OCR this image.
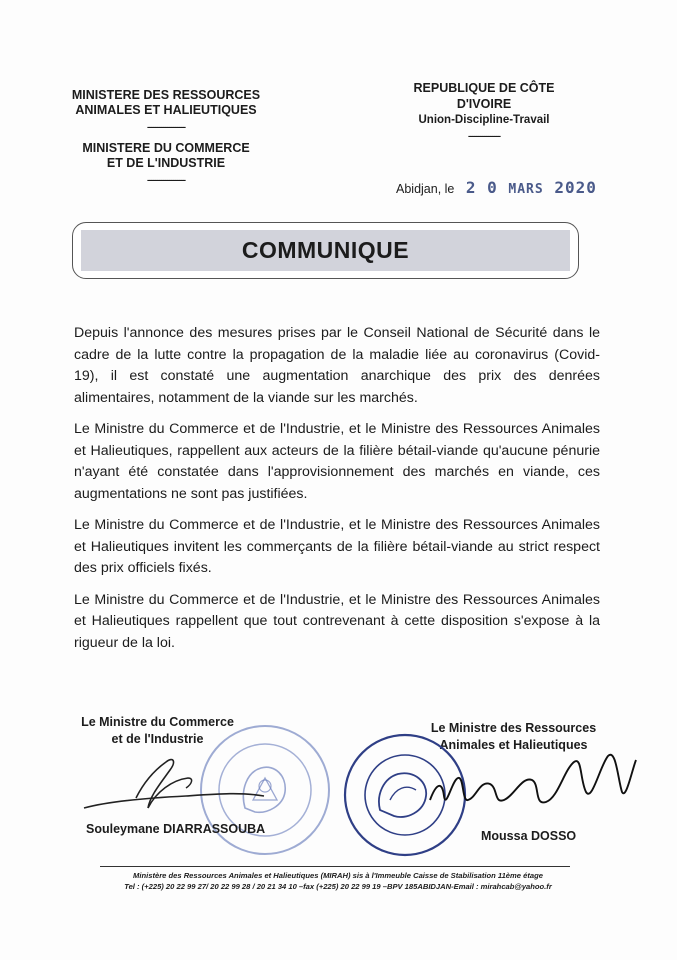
MINISTERE DES RESSOURCES
ANIMALES ET HALIEUTIQUES
-------------------
MINISTERE DU COMMERCE
ET DE L'INDUSTRIE
-------------------
REPUBLIQUE DE CÔTE D'IVOIRE
Union-Discipline-Travail
----------------
Abidjan, le 2 0 MARS 2020
COMMUNIQUE

Depuis l'annonce des mesures prises par le Conseil National de Sécurité dans le cadre de la lutte contre la propagation de la maladie liée au coronavirus (Covid- 19), il est constaté une augmentation anarchique des prix des denrées alimentaires, notamment de la viande sur les marchés.

Le Ministre du Commerce et de l'Industrie, et le Ministre des Ressources Animales et Halieutiques, rappellent aux acteurs de la filière bétail-viande qu'aucune pénurie n'ayant été constatée dans l'approvisionnement des marchés en viande, ces augmentations ne sont pas justifiées.

Le Ministre du Commerce et de l'Industrie, et le Ministre des Ressources Animales et Halieutiques invitent les commerçants de la filière bétail-viande au strict respect des prix officiels fixés.

Le Ministre du Commerce et de l'Industrie, et le Ministre des Ressources Animales et Halieutiques rappellent que tout contrevenant à cette disposition s'expose à la rigueur de la loi.

Le Ministre du Commerce
et de l'Industrie
Souleymane DIARRASSOUBA
Le Ministre des Ressources
Animales et Halieutiques
Moussa DOSSO
Ministère des Ressources Animales et Halieutiques (MIRAH) sis à l'Immeuble Caisse de Stabilisation 11ème étage
Tel : (+225) 20 22 99 27/ 20 22 99 28 / 20 21 34 10 –fax (+225) 20 22 99 19 –BPV 185ABIDJAN-Email : mirahcab@yahoo.fr
